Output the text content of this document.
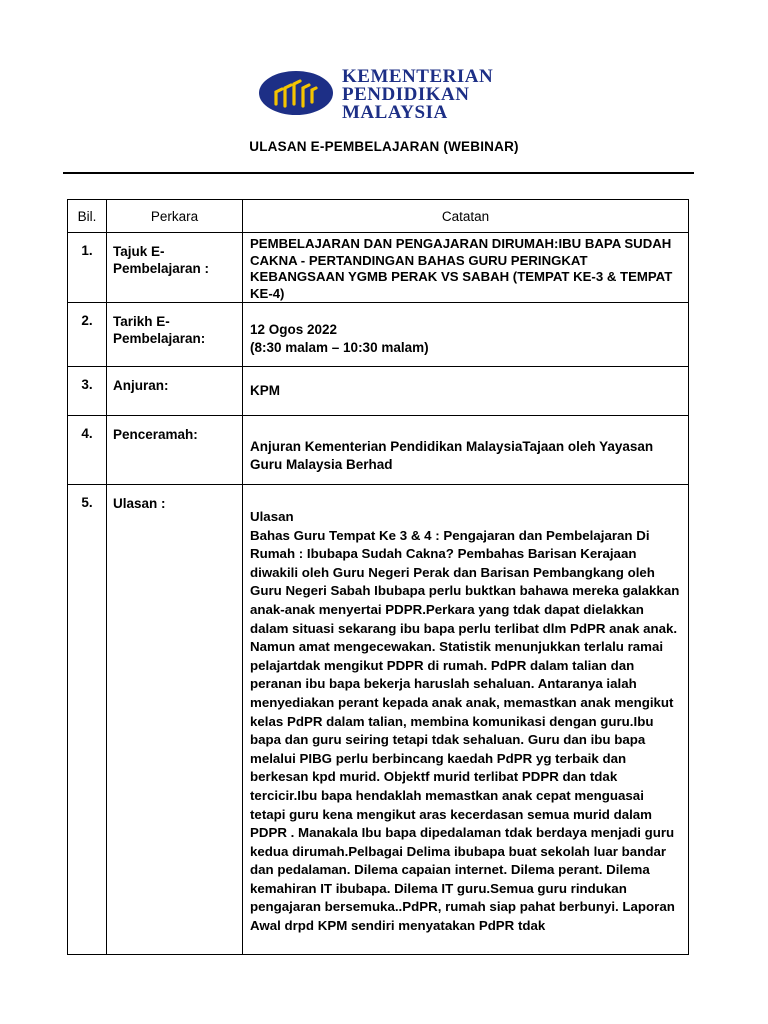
KEMENTERIAN
PENDIDIKAN
MALAYSIA
ULASAN E-PEMBELAJARAN (WEBINAR)
Bil.	Perkara	Catatan
1.	Tajuk E-Pembelajaran :	PEMBELAJARAN DAN PENGAJARAN DIRUMAH:IBU BAPA SUDAH CAKNA - PERTANDINGAN BAHAS GURU PERINGKAT KEBANGSAAN YGMB PERAK VS SABAH (TEMPAT KE-3 & TEMPAT KE-4)
2.	Tarikh E-Pembelajaran:	12 Ogos 2022
(8:30 malam – 10:30 malam)

3.	Anjuran:	KPM

4.	Penceramah:	Anjuran Kementerian Pendidikan MalaysiaTajaan oleh Yayasan Guru Malaysia Berhad

5.	Ulasan :	Ulasan
Bahas Guru Tempat Ke 3 & 4 : Pengajaran dan Pembelajaran Di Rumah : Ibubapa Sudah Cakna? Pembahas Barisan Kerajaan diwakili oleh Guru Negeri Perak dan Barisan Pembangkang oleh Guru Negeri Sabah Ibubapa perlu buktkan bahawa mereka galakkan anak-anak menyertai PDPR.Perkara yang tdak dapat dielakkan dalam situasi sekarang ibu bapa perlu terlibat dlm PdPR anak anak. Namun amat mengecewakan. Statistik menunjukkan terlalu ramai pelajartdak mengikut PDPR di rumah. PdPR dalam talian dan peranan ibu bapa bekerja haruslah sehaluan. Antaranya ialah menyediakan perant kepada anak anak, memastkan anak mengikut kelas PdPR dalam talian, membina komunikasi dengan guru.Ibu bapa dan guru seiring tetapi tdak sehaluan. Guru dan ibu bapa melalui PIBG perlu berbincang kaedah PdPR yg terbaik dan berkesan kpd murid. Objektf murid terlibat PDPR dan tdak tercicir.Ibu bapa hendaklah memastkan anak cepat menguasai tetapi guru kena mengikut aras kecerdasan semua murid dalam PDPR . Manakala Ibu bapa dipedalaman tdak berdaya menjadi guru kedua dirumah.Pelbagai Delima ibubapa buat sekolah luar bandar dan pedalaman. Dilema capaian internet. Dilema perant. Dilema kemahiran IT ibubapa. Dilema IT guru.Semua guru rindukan pengajaran bersemuka..PdPR, rumah siap pahat berbunyi. Laporan Awal drpd KPM sendiri menyatakan PdPR tdak
